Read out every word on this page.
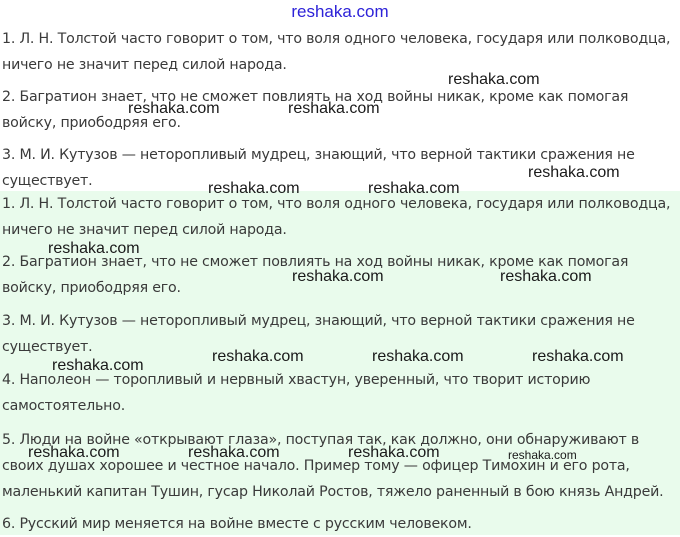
reshaka.com
1. Л. Н. Толстой часто говорит о том, что воля одного человека, государя или полководца, ничего не значит перед силой народа.
2. Багратион знает, что не сможет повлиять на ход войны никак, кроме как помогая войску, приободряя его.
3. М. И. Кутузов — неторопливый мудрец, знающий, что верной тактики сражения не существует.
1. Л. Н. Толстой часто говорит о том, что воля одного человека, государя или полководца, ничего не значит перед силой народа.
2. Багратион знает, что не сможет повлиять на ход войны никак, кроме как помогая войску, приободряя его.
3. М. И. Кутузов — неторопливый мудрец, знающий, что верной тактики сражения не существует.
4. Наполеон — торопливый и нервный хвастун, уверенный, что творит историю самостоятельно.
5. Люди на войне «открывают глаза», поступая так, как должно, они обнаруживают в своих душах хорошее и честное начало. Пример тому — офицер Тимохин и его рота, маленький капитан Тушин, гусар Николай Ростов, тяжело раненный в бою князь Андрей.
6. Русский мир меняется на войне вместе с русским человеком.
reshaka.com
reshaka.com	reshaka.com
reshaka.com
reshaka.com	reshaka.com
reshaka.com
reshaka.com	reshaka.com
reshaka.com
reshaka.com	reshaka.com	reshaka.com
reshaka.com	reshaka.com	reshaka.com	reshaka.com
